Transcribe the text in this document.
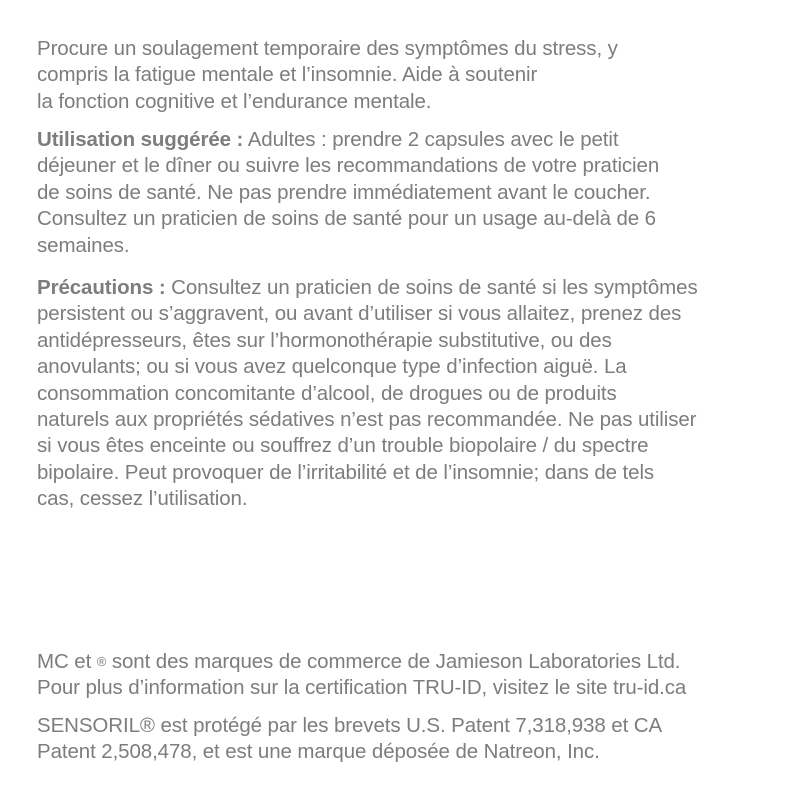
Procure un soulagement temporaire des symptômes du stress, y

compris la fatigue mentale et l’insomnie. Aide à soutenir

la fonction cognitive et l’endurance mentale.

Utilisation suggérée : Adultes : prendre 2 capsules avec le petit

déjeuner et le dîner ou suivre les recommandations de votre praticien

de soins de santé. Ne pas prendre immédiatement avant le coucher.

Consultez un praticien de soins de santé pour un usage au-delà de 6

semaines.

Précautions : Consultez un praticien de soins de santé si les symptômes

persistent ou s’aggravent, ou avant d’utiliser si vous allaitez, prenez des

antidépresseurs, êtes sur l’hormonothérapie substitutive, ou des

anovulants; ou si vous avez quelconque type d’infection aiguë. La

consommation concomitante d’alcool, de drogues ou de produits

naturels aux propriétés sédatives n’est pas recommandée. Ne pas utiliser

si vous êtes enceinte ou souffrez d’un trouble biopolaire / du spectre

bipolaire. Peut provoquer de l’irritabilité et de l’insomnie; dans de tels

cas, cessez l’utilisation.

MC et ® sont des marques de commerce de Jamieson Laboratories Ltd.

Pour plus d’information sur la certification TRU-ID, visitez le site tru-id.ca

SENSORIL® est protégé par les brevets U.S. Patent 7,318,938 et CA

Patent 2,508,478, et est une marque déposée de Natreon, Inc.
